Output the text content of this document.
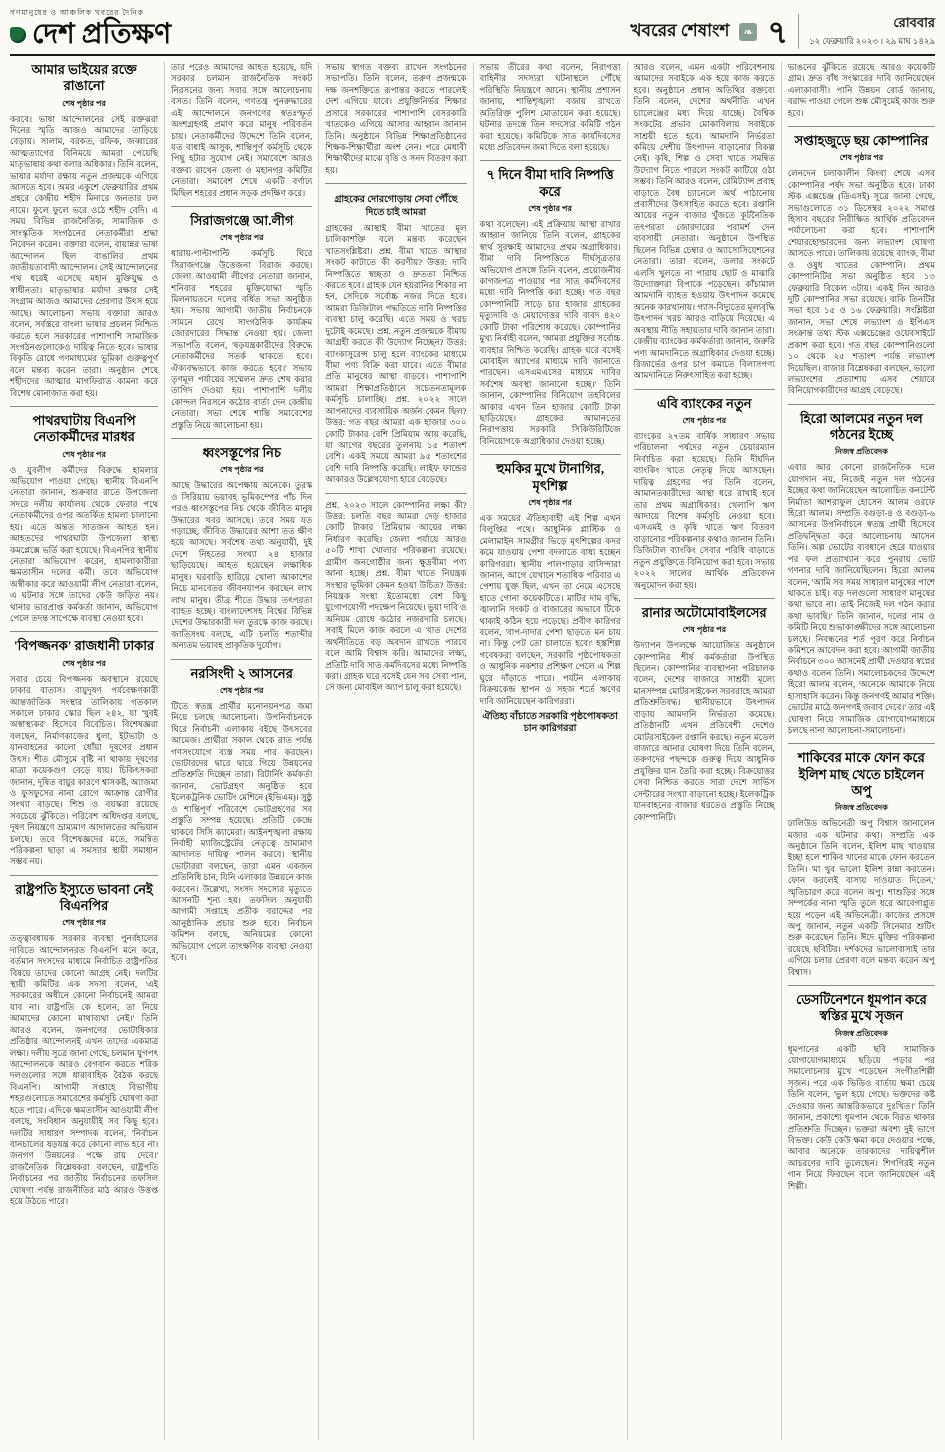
গণমানুষের ও আঞ্চলিক খবরের দৈনিক
দেশ প্রতিক্ষণ	খবরের শেষাংশ	❧ ৭	রোববার
১২ ফেব্রুয়ারি ২০২৩ । ২৯ মাঘ ১৪২৯
আমার ভাইয়ের রক্তে রাঙানো
শেষ পৃষ্ঠার পর

করবে। ভাষা আন্দোলনের সেই রক্তঝরা দিনের স্মৃতি আজও আমাদের তাড়িয়ে বেড়ায়। সালাম, বরকত, রফিক, জব্বারের আত্মত্যাগের বিনিময়ে আমরা পেয়েছি মাতৃভাষায় কথা বলার অধিকার। তিনি বলেন, ভাষার মর্যাদা রক্ষায় নতুন প্রজন্মকে এগিয়ে আসতে হবে। অমর একুশে ফেব্রুয়ারির প্রথম প্রহরে কেন্দ্রীয় শহীদ মিনারে জনতার ঢল নামে। ফুলে ফুলে ভরে ওঠে শহীদ বেদি। এ সময় বিভিন্ন রাজনৈতিক, সামাজিক ও সাংস্কৃতিক সংগঠনের নেতাকর্মীরা শ্রদ্ধা নিবেদন করেন। বক্তারা বলেন, বায়ান্নর ভাষা আন্দোলন ছিল বাঙালির প্রথম জাতীয়তাবাদী আন্দোলন। সেই আন্দোলনের পথ ধরেই এসেছে মহান মুক্তিযুদ্ধ ও স্বাধীনতা। মাতৃভাষার মর্যাদা রক্ষার সেই সংগ্রাম আজও আমাদের প্রেরণার উৎস হয়ে আছে। আলোচনা সভায় বক্তারা আরও বলেন, সর্বস্তরে বাংলা ভাষার প্রচলন নিশ্চিত করতে হলে সরকারের পাশাপাশি সামাজিক সংগঠনগুলোকেও দায়িত্ব নিতে হবে। ভাষার বিকৃতি রোধে গণমাধ্যমের ভূমিকা গুরুত্বপূর্ণ বলে মন্তব্য করেন তারা। অনুষ্ঠান শেষে শহীদদের আত্মার মাগফিরাত কামনা করে বিশেষ মোনাজাত করা হয়।

পাথরঘাটায় বিএনপি নেতাকর্মীদের মারধর
শেষ পৃষ্ঠার পর

ও যুবলীগ কর্মীদের বিরুদ্ধে হামলার অভিযোগ পাওয়া গেছে। স্থানীয় বিএনপি নেতারা জানান, শুক্রবার রাতে উপজেলা সদরে দলীয় কার্যালয় থেকে ফেরার পথে নেতাকর্মীদের ওপর অতর্কিত হামলা চালানো হয়। এতে অন্তত সাতজন আহত হন। আহতদের পাথরঘাটা উপজেলা স্বাস্থ্য কমপ্লেক্সে ভর্তি করা হয়েছে। বিএনপির স্থানীয় নেতারা অভিযোগ করেন, হামলাকারীরা ক্ষমতাসীন দলের কর্মী। তবে অভিযোগ অস্বীকার করে আওয়ামী লীগ নেতারা বলেন, এ ঘটনার সঙ্গে তাদের কেউ জড়িত নয়। থানার ভারপ্রাপ্ত কর্মকর্তা জানান, অভিযোগ পেলে তদন্ত সাপেক্ষে ব্যবস্থা নেওয়া হবে।

'বিপজ্জনক' রাজধানী ঢাকার
শেষ পৃষ্ঠার পর

সবার চেয়ে বিপজ্জনক অবস্থানে রয়েছে ঢাকার বাতাস। বায়ুদূষণ পর্যবেক্ষণকারী আন্তর্জাতিক সংস্থার তালিকায় গতকাল সকালে ঢাকার স্কোর ছিল ২৪২, যা 'খুবই অস্বাস্থ্যকর' হিসেবে বিবেচিত। বিশেষজ্ঞরা বলছেন, নির্মাণকাজের ধুলা, ইটভাটা ও যানবাহনের কালো ধোঁয়া দূষণের প্রধান উৎস। শীত মৌসুমে বৃষ্টি না থাকায় দূষণের মাত্রা কয়েকগুণ বেড়ে যায়। চিকিৎসকরা জানান, দূষিত বায়ুর কারণে শ্বাসকষ্ট, অ্যাজমা ও ফুসফুসের নানা রোগে আক্রান্ত রোগীর সংখ্যা বাড়ছে। শিশু ও বয়স্করা রয়েছে সবচেয়ে ঝুঁকিতে। পরিবেশ অধিদপ্তর বলছে, দূষণ নিয়ন্ত্রণে ভ্রাম্যমাণ আদালতের অভিযান চলছে। তবে বিশেষজ্ঞদের মতে, সমন্বিত পরিকল্পনা ছাড়া এ সমস্যার স্থায়ী সমাধান সম্ভব নয়।

রাষ্ট্রপতি ইস্যুতে ভাবনা নেই বিএনপির
শেষ পৃষ্ঠার পর

তত্ত্বাবধায়ক সরকার ব্যবস্থা পুনর্বহালের দাবিতে আন্দোলনরত বিএনপি মনে করে, বর্তমান সংসদের মাধ্যমে নির্বাচিত রাষ্ট্রপতির বিষয়ে তাদের কোনো আগ্রহ নেই। দলটির স্থায়ী কমিটির এক সদস্য বলেন, 'এই সরকারের অধীনে কোনো নির্বাচনেই আমরা যাব না। রাষ্ট্রপতি কে হলেন, তা নিয়ে আমাদের কোনো মাথাব্যথা নেই।' তিনি আরও বলেন, জনগণের ভোটাধিকার প্রতিষ্ঠার আন্দোলনই এখন তাদের একমাত্র লক্ষ্য। দলীয় সূত্রে জানা গেছে, চলমান যুগপৎ আন্দোলনকে আরও বেগবান করতে শরিক দলগুলোর সঙ্গে ধারাবাহিক বৈঠক করছে বিএনপি। আগামী সপ্তাহে বিভাগীয় শহরগুলোতে সমাবেশের কর্মসূচি ঘোষণা করা হতে পারে। এদিকে ক্ষমতাসীন আওয়ামী লীগ বলছে, সংবিধান অনুযায়ীই সব কিছু হবে। দলটির সাধারণ সম্পাদক বলেন, 'নির্বাচন বানচালের ষড়যন্ত্র করে কোনো লাভ হবে না। জনগণ উন্নয়নের পক্ষে রায় দেবে।' রাজনৈতিক বিশ্লেষকরা বলছেন, রাষ্ট্রপতি নির্বাচনের পর জাতীয় নির্বাচনের তফসিল ঘোষণা পর্যন্ত রাজনীতির মাঠ আরও উত্তপ্ত হয়ে উঠতে পারে।

তার পরেও আমাদের আহত হয়েছে, যদি সরকার চলমান রাজনৈতিক সংকট নিরসনের জন্য সবার সঙ্গে আলোচনায় বসত। তিনি বলেন, গণতন্ত্র পুনরুদ্ধারের এই আন্দোলনে জনগণের স্বতঃস্ফূর্ত অংশগ্রহণই প্রমাণ করে মানুষ পরিবর্তন চায়। নেতাকর্মীদের উদ্দেশে তিনি বলেন, যত বাধাই আসুক, শান্তিপূর্ণ কর্মসূচি থেকে পিছু হটার সুযোগ নেই। সমাবেশে আরও বক্তব্য রাখেন জেলা ও মহানগর কমিটির নেতারা। সমাবেশ শেষে একটি বর্ণাঢ্য মিছিল শহরের প্রধান সড়ক প্রদক্ষিণ করে।

সিরাজগঞ্জে আ.লীগ
শেষ পৃষ্ঠার পর

ধারায়-পাল্টাপাল্টি কর্মসূচি ঘিরে সিরাজগঞ্জে উত্তেজনা বিরাজ করছে। জেলা আওয়ামী লীগের নেতারা জানান, শনিবার শহরের মুক্তিযোদ্ধা স্মৃতি মিলনায়তনে দলের বর্ধিত সভা অনুষ্ঠিত হয়। সভায় আগামী জাতীয় নির্বাচনকে সামনে রেখে সাংগঠনিক কার্যক্রম জোরদারের সিদ্ধান্ত নেওয়া হয়। জেলা সভাপতি বলেন, 'ষড়যন্ত্রকারীদের বিরুদ্ধে নেতাকর্মীদের সতর্ক থাকতে হবে। ঐক্যবদ্ধভাবে কাজ করতে হবে।' সভায় তৃণমূল পর্যায়ের সম্মেলন দ্রুত শেষ করার তাগিদ দেওয়া হয়। পাশাপাশি দলীয় কোন্দল নিরসনে কঠোর বার্তা দেন কেন্দ্রীয় নেতারা। সভা শেষে শান্তি সমাবেশের প্রস্তুতি নিয়ে আলোচনা হয়।

ধ্বংসস্তূপের নিচ
শেষ পৃষ্ঠার পর

আছে উদ্ধারের অপেক্ষায় অনেকে। তুরস্ক ও সিরিয়ায় ভয়াবহ ভূমিকম্পের পাঁচ দিন পরও ধ্বংসস্তূপের নিচ থেকে জীবিত মানুষ উদ্ধারের খবর আসছে। তবে সময় যত গড়াচ্ছে, জীবিত উদ্ধারের আশা তত ক্ষীণ হয়ে আসছে। সর্বশেষ তথ্য অনুযায়ী, দুই দেশে নিহতের সংখ্যা ২৪ হাজার ছাড়িয়েছে। আহত হয়েছেন লক্ষাধিক মানুষ। ঘরবাড়ি হারিয়ে খোলা আকাশের নিচে মানবেতর জীবনযাপন করছেন লাখ লাখ মানুষ। তীব্র শীতে উদ্ধার তৎপরতা ব্যাহত হচ্ছে। বাংলাদেশসহ বিশ্বের বিভিন্ন দেশের উদ্ধারকারী দল তুরস্কে কাজ করছে। জাতিসংঘ বলছে, এটি চলতি শতাব্দীর অন্যতম ভয়াবহ প্রাকৃতিক দুর্যোগ।

নরসিংদী ২ আসনের
শেষ পৃষ্ঠার পর

টিতে স্বতন্ত্র প্রার্থীর মনোনয়নপত্র জমা নিয়ে চলছে আলোচনা। উপনির্বাচনকে ঘিরে নির্বাচনী এলাকায় বইছে উৎসবের আমেজ। প্রার্থীরা সকাল থেকে রাত পর্যন্ত গণসংযোগে ব্যস্ত সময় পার করছেন। ভোটারদের দ্বারে দ্বারে গিয়ে উন্নয়নের প্রতিশ্রুতি দিচ্ছেন তারা। রিটার্নিং কর্মকর্তা জানান, ভোটগ্রহণ অনুষ্ঠিত হবে ইলেকট্রনিক ভোটিং মেশিনে (ইভিএম)। সুষ্ঠু ও শান্তিপূর্ণ পরিবেশে ভোটগ্রহণের সব প্রস্তুতি সম্পন্ন হয়েছে। প্রতিটি কেন্দ্রে থাকবে সিসি ক্যামেরা। আইনশৃঙ্খলা রক্ষায় নির্বাহী ম্যাজিস্ট্রেটের নেতৃত্বে ভ্রাম্যমাণ আদালত দায়িত্ব পালন করবে। স্থানীয় ভোটাররা বলছেন, তারা এমন একজন প্রতিনিধি চান, যিনি এলাকার উন্নয়নে কাজ করবেন। উল্লেখ্য, সংসদ সদস্যের মৃত্যুতে আসনটি শূন্য হয়। তফসিল অনুযায়ী আগামী সপ্তাহে প্রতীক বরাদ্দের পর আনুষ্ঠানিক প্রচার শুরু হবে। নির্বাচন কমিশন বলছে, অনিয়মের কোনো অভিযোগ পেলে তাৎক্ষণিক ব্যবস্থা নেওয়া হবে।

সভায় স্বাগত বক্তব্য রাখেন সংগঠনের সভাপতি। তিনি বলেন, তরুণ প্রজন্মকে দক্ষ জনশক্তিতে রূপান্তর করতে পারলেই দেশ এগিয়ে যাবে। প্রযুক্তিনির্ভর শিক্ষার প্রসারে সরকারের পাশাপাশি বেসরকারি খাতকেও এগিয়ে আসার আহ্বান জানান তিনি। অনুষ্ঠানে বিভিন্ন শিক্ষাপ্রতিষ্ঠানের শিক্ষক-শিক্ষার্থীরা অংশ নেন। পরে মেধাবী শিক্ষার্থীদের মাঝে বৃত্তি ও সনদ বিতরণ করা হয়।

গ্রাহকের দোরগোড়ায় সেবা পৌঁছে দিতে চাই আমরা

গ্রাহকের আস্থাই বীমা খাতের মূল চালিকাশক্তি বলে মন্তব্য করেছেন খাতসংশ্লিষ্টরা। প্রশ্ন. বীমা খাতে আস্থার সংকট কাটাতে কী করণীয়? উত্তর: দাবি নিষ্পত্তিতে স্বচ্ছতা ও দ্রুততা নিশ্চিত করতে হবে। গ্রাহক যেন হয়রানির শিকার না হন, সেদিকে সর্বোচ্চ নজর দিতে হবে। আমরা ডিজিটাল পদ্ধতিতে দাবি নিষ্পত্তির ব্যবস্থা চালু করেছি। এতে সময় ও খরচ দুটোই কমেছে। প্রশ্ন. নতুন প্রজন্মকে বীমায় আগ্রহী করতে কী উদ্যোগ নিচ্ছেন? উত্তর: ব্যাংকাসুরেন্স চালু হলে ব্যাংকের মাধ্যমে বীমা পণ্য বিক্রি করা যাবে। এতে বীমার প্রতি মানুষের আস্থা বাড়বে। পাশাপাশি আমরা শিক্ষাপ্রতিষ্ঠানে সচেতনতামূলক কর্মসূচি চালাচ্ছি। প্রশ্ন. ২০২২ সালে আপনাদের ব্যবসায়িক অর্জন কেমন ছিল? উত্তর: গত বছর আমরা এক হাজার ৩০০ কোটি টাকার বেশি প্রিমিয়াম আয় করেছি, যা আগের বছরের তুলনায় ১৫ শতাংশ বেশি। একই সময়ে আমরা ৯৫ শতাংশের বেশি দাবি নিষ্পত্তি করেছি। লাইফ ফান্ডের আকারও উল্লেখযোগ্য হারে বেড়েছে।

প্রশ্ন. ২০২৩ সালে কোম্পানির লক্ষ্য কী? উত্তর: চলতি বছর আমরা দেড় হাজার কোটি টাকার প্রিমিয়াম আয়ের লক্ষ্য নির্ধারণ করেছি। জেলা পর্যায়ে আরও ৫০টি শাখা খোলার পরিকল্পনা রয়েছে। গ্রামীণ জনগোষ্ঠীর জন্য ক্ষুদ্রবীমা পণ্য আনা হচ্ছে। প্রশ্ন. বীমা খাতে নিয়ন্ত্রক সংস্থার ভূমিকা কেমন হওয়া উচিত? উত্তর: নিয়ন্ত্রক সংস্থা ইতোমধ্যে বেশ কিছু যুগোপযোগী পদক্ষেপ নিয়েছে। ভুয়া দাবি ও অনিয়ম রোধে কঠোর নজরদারি চলছে। সবাই মিলে কাজ করলে এ খাত দেশের অর্থনীতিতে বড় অবদান রাখতে পারবে বলে আমি বিশ্বাস করি। আমাদের লক্ষ্য, প্রতিটি দাবি সাত কর্মদিবসের মধ্যে নিষ্পত্তি করা। গ্রাহক ঘরে বসেই যেন সব সেবা পান, সে জন্য মোবাইল অ্যাপ চালু করা হয়েছে।

সভায় তীরের কথা বলেন, নিরাপত্তা বাহিনীর সদস্যরা ঘটনাস্থলে পৌঁছে পরিস্থিতি নিয়ন্ত্রণে আনে। স্থানীয় প্রশাসন জানায়, শান্তিশৃঙ্খলা বজায় রাখতে অতিরিক্ত পুলিশ মোতায়েন করা হয়েছে। ঘটনার তদন্তে তিন সদস্যের কমিটি গঠন করা হয়েছে। কমিটিকে সাত কার্যদিবসের মধ্যে প্রতিবেদন জমা দিতে বলা হয়েছে।

৭ দিনে বীমা দাবি নিষ্পত্তি করে
শেষ পৃষ্ঠার পর

কথা বলেছেন। এই প্রক্রিয়ায় আস্থা রাখার আহ্বান জানিয়ে তিনি বলেন, গ্রাহকের স্বার্থ সুরক্ষাই আমাদের প্রথম অগ্রাধিকার। বীমা দাবি নিষ্পত্তিতে দীর্ঘসূত্রতার অভিযোগ প্রসঙ্গে তিনি বলেন, প্রয়োজনীয় কাগজপত্র পাওয়ার পর সাত কর্মদিবসের মধ্যে দাবি নিষ্পত্তি করা হচ্ছে। গত বছর কোম্পানিটি সাড়ে চার হাজার গ্রাহকের মৃত্যুদাবি ও মেয়াদোত্তর দাবি বাবদ ৪২০ কোটি টাকা পরিশোধ করেছে। কোম্পানির মুখ্য নির্বাহী বলেন, 'আমরা প্রযুক্তির সর্বোচ্চ ব্যবহার নিশ্চিত করেছি। গ্রাহক ঘরে বসেই মোবাইল অ্যাপের মাধ্যমে দাবি জানাতে পারছেন। এসএমএসের মাধ্যমে দাবির সর্বশেষ অবস্থা জানানো হচ্ছে।' তিনি জানান, কোম্পানির বিনিয়োগ তহবিলের আকার এখন তিন হাজার কোটি টাকা ছাড়িয়েছে। গ্রাহকের আমানতের নিরাপত্তায় সরকারি সিকিউরিটিজে বিনিয়োগকে অগ্রাধিকার দেওয়া হচ্ছে।

হুমকির মুখে টানাগির, মৃৎশিল্প
শেষ পৃষ্ঠার পর

এক সময়ের ঐতিহ্যবাহী এই শিল্প এখন বিলুপ্তির পথে। আধুনিক প্লাস্টিক ও মেলামাইন সামগ্রীর ভিড়ে মৃৎশিল্পের কদর কমে যাওয়ায় পেশা বদলাতে বাধ্য হচ্ছেন কারিগররা। স্থানীয় পালপাড়ার বাসিন্দারা জানান, আগে যেখানে শতাধিক পরিবার এ পেশায় যুক্ত ছিল, এখন তা নেমে এসেছে হাতে গোনা কয়েকটিতে। মাটির দাম বৃদ্ধি, জ্বালানি সংকট ও বাজারের অভাবে টিকে থাকাই কঠিন হয়ে পড়েছে। প্রবীণ কারিগর বলেন, 'বাপ-দাদার পেশা ছাড়তে মন চায় না। কিন্তু পেট তো চালাতে হবে।' হস্তশিল্প গবেষকরা বলছেন, সরকারি পৃষ্ঠপোষকতা ও আধুনিক নকশার প্রশিক্ষণ পেলে এ শিল্প ঘুরে দাঁড়াতে পারে। পর্যটন এলাকায় বিক্রয়কেন্দ্র স্থাপন ও সহজ শর্তে ঋণের দাবি জানিয়েছেন কারিগররা।

ঐতিহ্য বাঁচাতে সরকারি পৃষ্ঠপোষকতা চান কারিগররা

আরও বলেন, এমন একটা পরিবেশনায় আমাদের সবাইকে এক হয়ে কাজ করতে হবে। অনুষ্ঠানে প্রধান অতিথির বক্তব্যে তিনি বলেন, দেশের অর্থনীতি এখন চ্যালেঞ্জের মধ্য দিয়ে যাচ্ছে। বৈশ্বিক সংকটের প্রভাব মোকাবিলায় সবাইকে সাশ্রয়ী হতে হবে। আমদানি নির্ভরতা কমিয়ে দেশীয় উৎপাদন বাড়ানোর বিকল্প নেই। কৃষি, শিল্প ও সেবা খাতে সমন্বিত উদ্যোগ নিতে পারলে সংকট কাটিয়ে ওঠা সম্ভব। তিনি আরও বলেন, রেমিট্যান্স প্রবাহ বাড়াতে বৈধ চ্যানেলে অর্থ পাঠানোয় প্রবাসীদের উৎসাহিত করতে হবে। রপ্তানি আয়ের নতুন বাজার খুঁজতে কূটনৈতিক তৎপরতা জোরদারের পরামর্শ দেন ব্যবসায়ী নেতারা। অনুষ্ঠানে উপস্থিত ছিলেন বিভিন্ন চেম্বার ও অ্যাসোসিয়েশনের নেতারা। তারা বলেন, ডলার সংকটে এলসি খুলতে না পারায় ছোট ও মাঝারি উদ্যোক্তারা বিপাকে পড়েছেন। কাঁচামাল আমদানি ব্যাহত হওয়ায় উৎপাদন কমেছে অনেক কারখানায়। গ্যাস-বিদ্যুতের মূল্যবৃদ্ধি উৎপাদন খরচ আরও বাড়িয়ে দিয়েছে। এ অবস্থায় নীতি সহায়তার দাবি জানান তারা। কেন্দ্রীয় ব্যাংকের কর্মকর্তারা জানান, জরুরি পণ্য আমদানিতে অগ্রাধিকার দেওয়া হচ্ছে। রিজার্ভের ওপর চাপ কমাতে বিলাসপণ্য আমদানিতে নিরুৎসাহিত করা হচ্ছে।

এবি ব্যাংকের নতুন
শেষ পৃষ্ঠার পর

ব্যাংকের ২৭তম বার্ষিক সাধারণ সভায় পরিচালনা পর্ষদের নতুন চেয়ারম্যান নির্বাচিত করা হয়েছে। তিনি দীর্ঘদিন ব্যাংকিং খাতে নেতৃত্ব দিয়ে আসছেন। দায়িত্ব গ্রহণের পর তিনি বলেন, আমানতকারীদের আস্থা ধরে রাখাই হবে তার প্রথম অগ্রাধিকার। খেলাপি ঋণ আদায়ে বিশেষ কর্মসূচি নেওয়া হবে। এসএমই ও কৃষি খাতে ঋণ বিতরণ বাড়ানোর পরিকল্পনার কথাও জানান তিনি। ডিজিটাল ব্যাংকিং সেবার পরিধি বাড়াতে নতুন প্রযুক্তিতে বিনিয়োগ করা হবে। সভায় ২০২২ সালের আর্থিক প্রতিবেদন অনুমোদন করা হয়।

রানার অটোমোবাইলসের
শেষ পৃষ্ঠার পর

উদ্যাপন উপলক্ষে আয়োজিত অনুষ্ঠানে কোম্পানির শীর্ষ কর্মকর্তারা উপস্থিত ছিলেন। কোম্পানির ব্যবস্থাপনা পরিচালক বলেন, দেশের বাজারে সাশ্রয়ী মূল্যে মানসম্পন্ন মোটরসাইকেল সরবরাহে আমরা প্রতিশ্রুতিবদ্ধ। স্থানীয়ভাবে উৎপাদন বাড়ায় আমদানি নির্ভরতা কমেছে। প্রতিষ্ঠানটি এখন প্রতিবেশী দেশেও মোটরসাইকেল রপ্তানি করছে। নতুন মডেল বাজারে আনার ঘোষণা দিয়ে তিনি বলেন, তরুণদের পছন্দকে গুরুত্ব দিয়ে আধুনিক প্রযুক্তির যান তৈরি করা হচ্ছে। বিক্রয়োত্তর সেবা নিশ্চিত করতে সারা দেশে সার্ভিস সেন্টারের সংখ্যা বাড়ানো হচ্ছে। ইলেকট্রিক যানবাহনের বাজার ধরতেও প্রস্তুতি নিচ্ছে কোম্পানিটি।

ভাঙনের ঝুঁকিতে রয়েছে আরও কয়েকটি গ্রাম। দ্রুত বাঁধ সংস্কারের দাবি জানিয়েছেন এলাকাবাসী। পানি উন্নয়ন বোর্ড জানায়, বরাদ্দ পাওয়া গেলে শুষ্ক মৌসুমেই কাজ শুরু হবে।

সপ্তাহজুড়ে ছয় কোম্পানির
শেষ পৃষ্ঠার পর

লেনদেন চলাকালীন কিংবা শেষে এসব কোম্পানির পর্ষদ সভা অনুষ্ঠিত হবে। ঢাকা স্টক এক্সচেঞ্জ (ডিএসই) সূত্রে জানা গেছে, সভাগুলোতে ৩১ ডিসেম্বর ২০২২ সমাপ্ত হিসাব বছরের নিরীক্ষিত আর্থিক প্রতিবেদন পর্যালোচনা করা হবে। পাশাপাশি শেয়ারহোল্ডারদের জন্য লভ্যাংশ ঘোষণা আসতে পারে। তালিকায় রয়েছে ব্যাংক, বীমা ও ওষুধ খাতের কোম্পানি। প্রথম কোম্পানিটির সভা অনুষ্ঠিত হবে ১৩ ফেব্রুয়ারি বিকেল ৩টায়। একই দিন আরও দুটি কোম্পানির সভা রয়েছে। বাকি তিনটির সভা হবে ১৫ ও ১৬ ফেব্রুয়ারি। সংশ্লিষ্টরা জানান, সভা শেষে লভ্যাংশ ও ইপিএস সংক্রান্ত তথ্য স্টক এক্সচেঞ্জের ওয়েবসাইটে প্রকাশ করা হবে। গত বছর কোম্পানিগুলো ১০ থেকে ২৫ শতাংশ পর্যন্ত লভ্যাংশ দিয়েছিল। বাজার বিশ্লেষকরা বলছেন, ভালো লভ্যাংশের প্রত্যাশায় এসব শেয়ারে বিনিয়োগকারীদের আগ্রহ বেড়েছে।

হিরো আলমের নতুন দল গঠনের ইচ্ছে
নিজস্ব প্রতিবেদক

এবার আর কোনো রাজনৈতিক দলে যোগদান নয়, নিজেই নতুন দল গঠনের ইচ্ছের কথা জানিয়েছেন আলোচিত কনটেন্ট নির্মাতা আশরাফুল হোসেন আলম ওরফে হিরো আলম। সম্প্রতি বগুড়া-৪ ও বগুড়া-৬ আসনের উপনির্বাচনে স্বতন্ত্র প্রার্থী হিসেবে প্রতিদ্বন্দ্বিতা করে আলোচনায় আসেন তিনি। অল্প ভোটের ব্যবধানে হেরে যাওয়ার পর ফল প্রত্যাখ্যান করে পুনরায় ভোট গণনার দাবি জানিয়েছিলেন। হিরো আলম বলেন, 'আমি সব সময় সাধারণ মানুষের পাশে থাকতে চাই। বড় দলগুলো সাধারণ মানুষের কথা ভাবে না। তাই নিজেই দল গঠন করার কথা ভাবছি।' তিনি জানান, দলের নাম ও কমিটি নিয়ে শুভাকাঙ্ক্ষীদের সঙ্গে আলোচনা চলছে। নিবন্ধনের শর্ত পূরণ করে নির্বাচন কমিশনে আবেদন করা হবে। আগামী জাতীয় নির্বাচনে ৩০০ আসনেই প্রার্থী দেওয়ার স্বপ্নের কথাও বলেন তিনি। সমালোচকদের উদ্দেশে হিরো আলম বলেন, 'অনেকে আমাকে নিয়ে হাসাহাসি করেন। কিন্তু জনগণই আমার শক্তি। ভোটের মাঠে জনগণই জবাব দেবে।' তার এই ঘোষণা নিয়ে সামাজিক যোগাযোগমাধ্যমে চলছে নানা আলোচনা-সমালোচনা।

শাকিবের মাকে ফোন করে ইলিশ মাছ খেতে চাইলেন অপু
নিজস্ব প্রতিবেদক

ঢালিউড অভিনেত্রী অপু বিশ্বাস জানালেন মজার এক ঘটনার কথা। সম্প্রতি এক অনুষ্ঠানে তিনি বলেন, ইলিশ মাছ খাওয়ার ইচ্ছা হলে শাকিব খানের মাকে ফোন করতেন তিনি। 'মা খুব ভালো ইলিশ রান্না করতেন। ফোন করলেই বাসায় দাওয়াত দিতেন,' স্মৃতিচারণ করে বলেন অপু। শাশুড়ির সঙ্গে সম্পর্কের নানা স্মৃতি তুলে ধরে আবেগাপ্লুত হয়ে পড়েন এই অভিনেত্রী। কাজের প্রসঙ্গে অপু জানান, নতুন একটি সিনেমার শুটিং শুরু করেছেন তিনি। ঈদে মুক্তির পরিকল্পনা রয়েছে ছবিটির। দর্শকদের ভালোবাসাই তার এগিয়ে চলার প্রেরণা বলে মন্তব্য করেন অপু বিশ্বাস।

ডেসটিনেশনে ধূমপান করে স্বস্তির মুখে সৃজন
নিজস্ব প্রতিবেদক

ধূমপানের একটি ছবি সামাজিক যোগাযোগমাধ্যমে ছড়িয়ে পড়ার পর সমালোচনার মুখে পড়েছেন সংগীতশিল্পী সৃজন। পরে এক ভিডিও বার্তায় ক্ষমা চেয়ে তিনি বলেন, 'ভুল হয়ে গেছে। ভক্তদের কষ্ট দেওয়ার জন্য আন্তরিকভাবে দুঃখিত।' তিনি জানান, প্রকাশ্যে ধূমপান থেকে বিরত থাকার প্রতিশ্রুতি দিচ্ছেন। ভক্তরা অবশ্য দুই ভাগে বিভক্ত। কেউ কেউ ক্ষমা করে দেওয়ার পক্ষে, আবার অনেকে তারকাদের দায়িত্বশীল আচরণের দাবি তুলেছেন। শিগগিরই নতুন গান নিয়ে ফিরছেন বলে জানিয়েছেন এই শিল্পী।
